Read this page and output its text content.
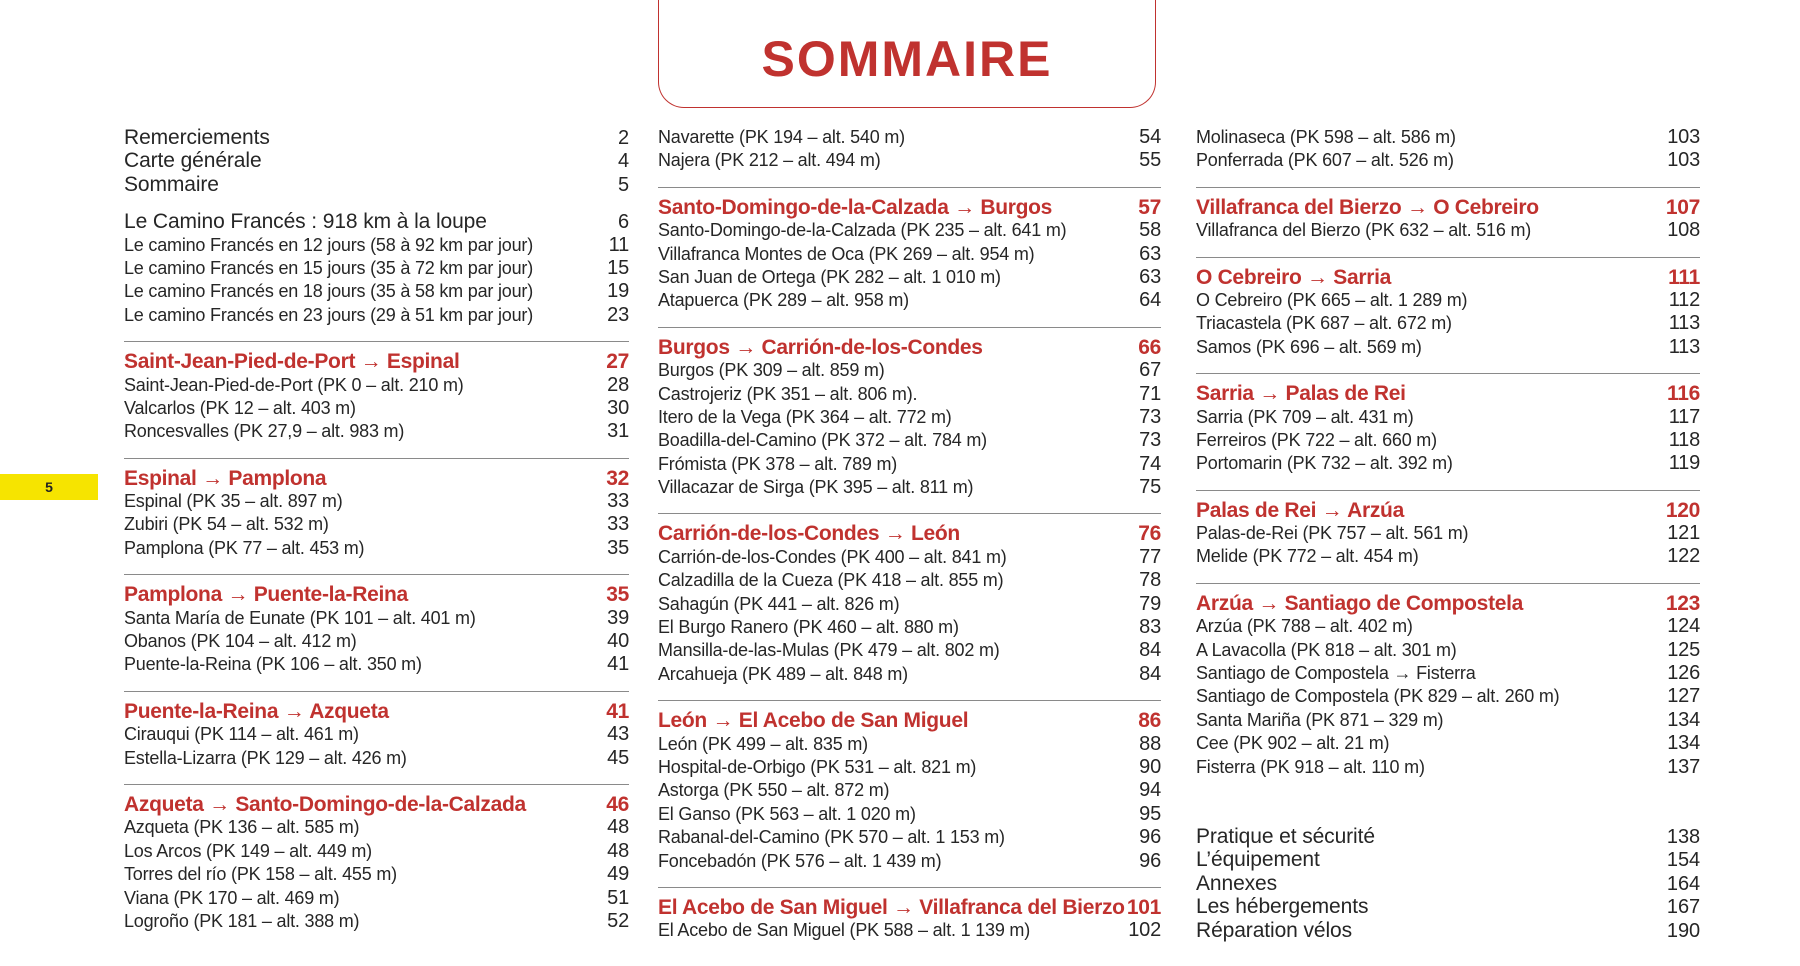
SOMMAIRE
5
Remerciements	2
Carte générale	4
Sommaire	5
Le Camino Francés : 918 km à la loupe	6
Le camino Francés en 12 jours (58 à 92 km par jour)	11
Le camino Francés en 15 jours (35 à 72 km par jour)	15
Le camino Francés en 18 jours (35 à 58 km par jour)	19
Le camino Francés en 23 jours (29 à 51 km par jour)	23
Saint-Jean-Pied-de-Port → Espinal	27
Saint-Jean-Pied-de-Port (PK 0 – alt. 210 m)	28
Valcarlos (PK 12 – alt. 403 m)	30
Roncesvalles (PK 27,9 – alt. 983 m)	31
Espinal → Pamplona	32
Espinal (PK 35 – alt. 897 m)	33
Zubiri (PK 54 – alt. 532 m)	33
Pamplona (PK 77 – alt. 453 m)	35
Pamplona → Puente-la-Reina	35
Santa María de Eunate (PK 101 – alt. 401 m)	39
Obanos (PK 104 – alt. 412 m)	40
Puente-la-Reina (PK 106 – alt. 350 m)	41
Puente-la-Reina → Azqueta	41
Cirauqui (PK 114 – alt. 461 m)	43
Estella-Lizarra (PK 129 – alt. 426 m)	45
Azqueta → Santo-Domingo-de-la-Calzada	46
Azqueta (PK 136 – alt. 585 m)	48
Los Arcos (PK 149 – alt. 449 m)	48
Torres del río (PK 158 – alt. 455 m)	49
Viana (PK 170 – alt. 469 m)	51
Logroño (PK 181 – alt. 388 m)	52
Navarette (PK 194 – alt. 540 m)	54
Najera (PK 212 – alt. 494 m)	55
Santo-Domingo-de-la-Calzada → Burgos	57
Santo-Domingo-de-la-Calzada (PK 235 – alt. 641 m)	58
Villafranca Montes de Oca (PK 269 – alt. 954 m)	63
San Juan de Ortega (PK 282 – alt. 1 010 m)	63
Atapuerca (PK 289 – alt. 958 m)	64
Burgos → Carrión-de-los-Condes	66
Burgos (PK 309 – alt. 859 m)	67
Castrojeriz (PK 351 – alt. 806 m).	71
Itero de la Vega (PK 364 – alt. 772 m)	73
Boadilla-del-Camino (PK 372 – alt. 784 m)	73
Frómista (PK 378 – alt. 789 m)	74
Villacazar de Sirga (PK 395 – alt. 811 m)	75
Carrión-de-los-Condes → León	76
Carrión-de-los-Condes (PK 400 – alt. 841 m)	77
Calzadilla de la Cueza (PK 418 – alt. 855 m)	78
Sahagún (PK 441 – alt. 826 m)	79
El Burgo Ranero (PK 460 – alt. 880 m)	83
Mansilla-de-las-Mulas (PK 479 – alt. 802 m)	84
Arcahueja (PK 489 – alt. 848 m)	84
León → El Acebo de San Miguel	86
León (PK 499 – alt. 835 m)	88
Hospital-de-Orbigo (PK 531 – alt. 821 m)	90
Astorga (PK 550 – alt. 872 m)	94
El Ganso (PK 563 – alt. 1 020 m)	95
Rabanal-del-Camino (PK 570 – alt. 1 153 m)	96
Foncebadón (PK 576 – alt. 1 439 m)	96
El Acebo de San Miguel → Villafranca del Bierzo 101
El Acebo de San Miguel (PK 588 – alt. 1 139 m)	102
Molinaseca (PK 598 – alt. 586 m)	103
Ponferrada (PK 607 – alt. 526 m)	103
Villafranca del Bierzo → O Cebreiro	107
Villafranca del Bierzo (PK 632 – alt. 516 m)	108
O Cebreiro → Sarria	111
O Cebreiro (PK 665 – alt. 1 289 m)	112
Triacastela (PK 687 – alt. 672 m)	113
Samos (PK 696 – alt. 569 m)	113
Sarria → Palas de Rei	116
Sarria (PK 709 – alt. 431 m)	117
Ferreiros (PK 722 – alt. 660 m)	118
Portomarin (PK 732 – alt. 392 m)	119
Palas de Rei → Arzúa	120
Palas-de-Rei (PK 757 – alt. 561 m)	121
Melide (PK 772 – alt. 454 m)	122
Arzúa → Santiago de Compostela	123
Arzúa (PK 788 – alt. 402 m)	124
A Lavacolla (PK 818 – alt. 301 m)	125
Santiago de Compostela → Fisterra	126
Santiago de Compostela (PK 829 – alt. 260 m)	127
Santa Mariña (PK 871 – 329 m)	134
Cee (PK 902 – alt. 21 m)	134
Fisterra (PK 918 – alt. 110 m)	137
Pratique et sécurité	138
L’équipement	154
Annexes	164
Les hébergements	167
Réparation vélos	190
